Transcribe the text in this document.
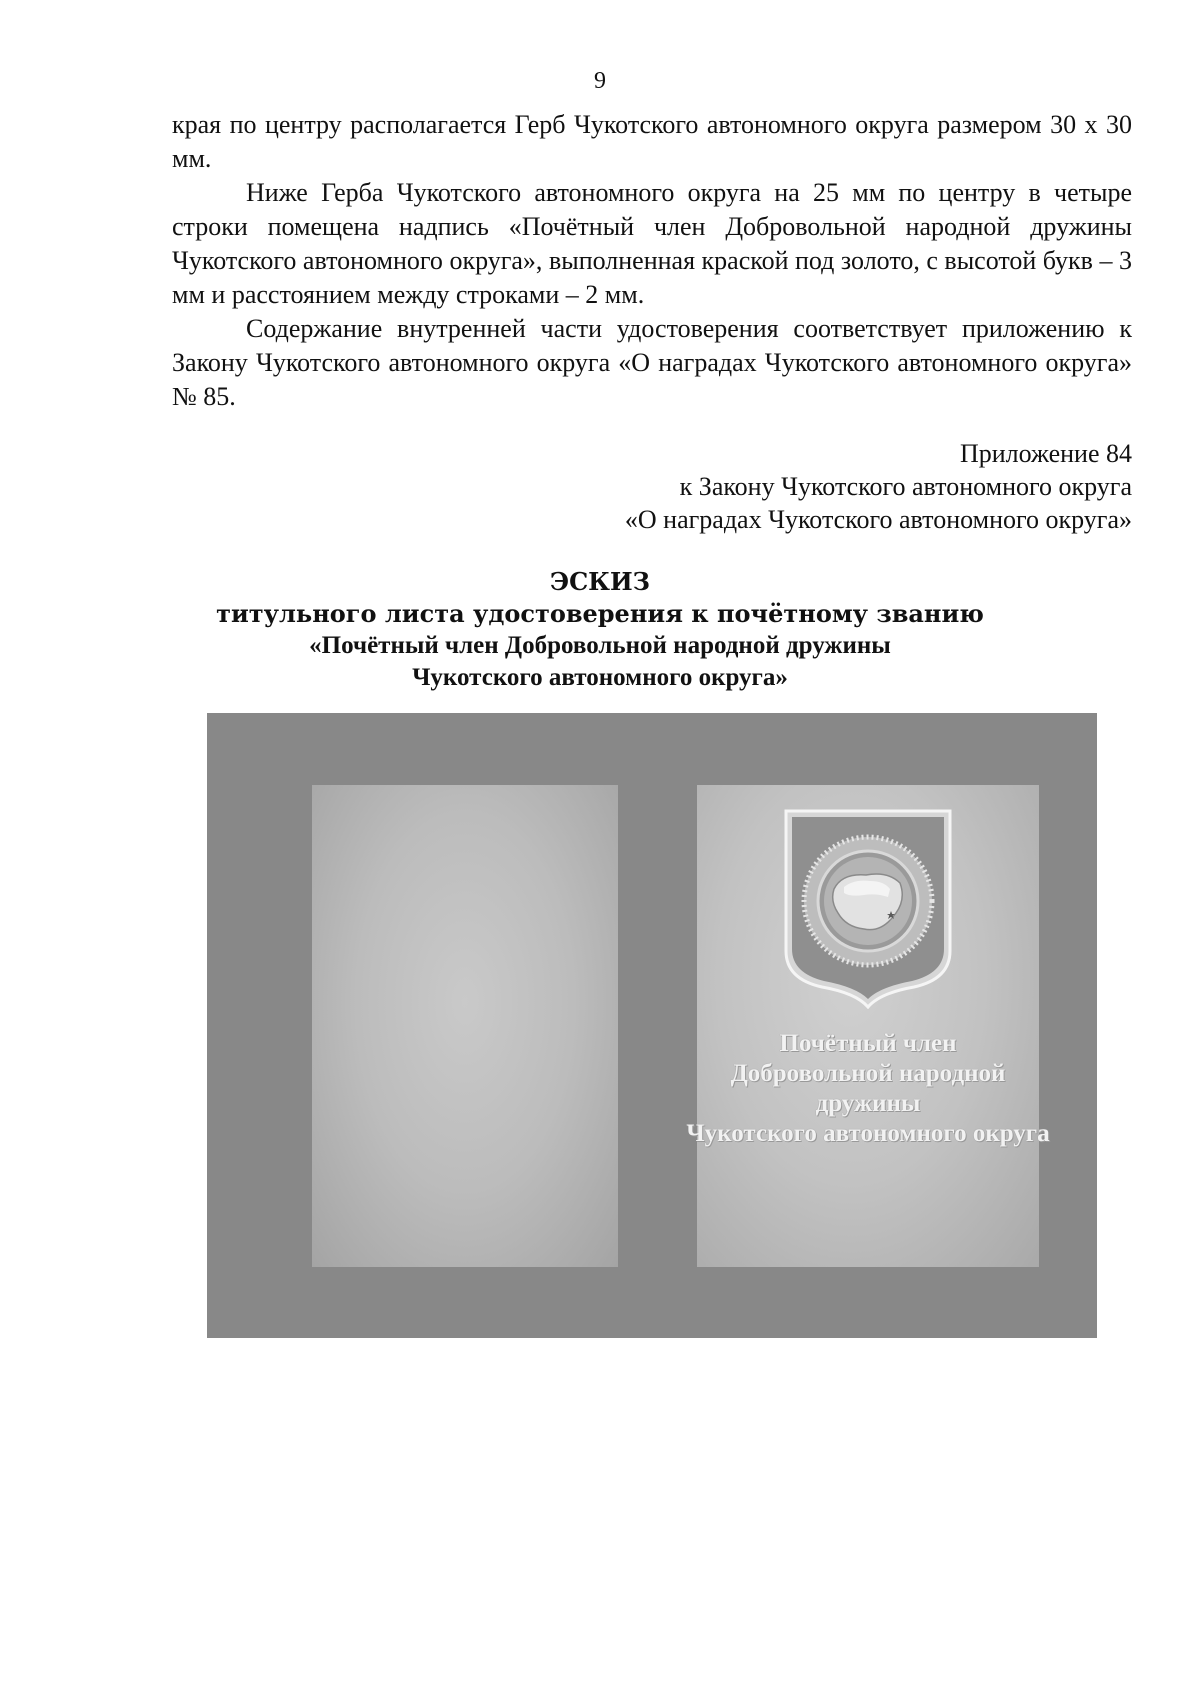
9

края по центру располагается Герб Чукотского автономного округа размером 30 х 30 мм.

Ниже Герба Чукотского автономного округа на 25 мм по центру в четыре строки помещена надпись «Почётный член Добровольной народной дружины Чукотского автономного округа», выполненная краской под золото, с высотой букв – 3 мм и расстоянием между строками – 2 мм.

Содержание внутренней части удостоверения соответствует приложению к Закону Чукотского автономного округа «О наградах Чукотского автономного округа» № 85.

Приложение 84
к Закону Чукотского автономного округа
«О наградах Чукотского автономного округа»
ЭСКИЗ
титульного листа удостоверения к почётному званию
«Почётный член Добровольной народной дружины
Чукотского автономного округа»
Почётный член
Добровольной народной
дружины
Чукотского автономного округа
